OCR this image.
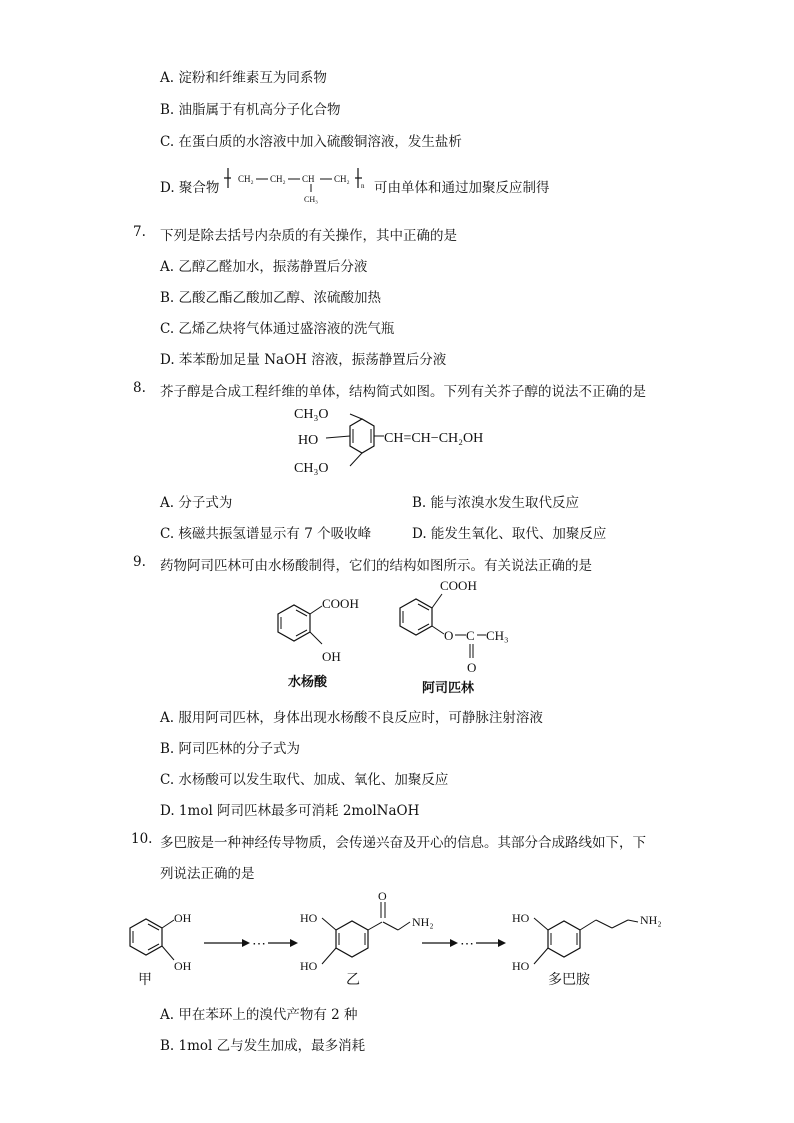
A. 淀粉和纤维素互为同系物
B. 油脂属于有机高分子化合物
C. 在蛋白质的水溶液中加入硫酸铜溶液，发生盐析
D. 聚合物
CH₂ CH₂ CH CH₂
CH₃
n 可由单体和通过加聚反应制得
7. 下列是除去括号内杂质的有关操作，其中正确的是
A. 乙醇乙醛加水，振荡静置后分液
B. 乙酸乙酯乙酸加乙醇、浓硫酸加热
C. 乙烯乙炔将气体通过盛溶液的洗气瓶
D. 苯苯酚加足量 NaOH 溶液，振荡静置后分液
8. 芥子醇是合成工程纤维的单体，结构简式如图。下列有关芥子醇的说法不正确的是
CH₃O
HO
CH₃O
CH=CH−CH₂OH
A. 分子式为	B. 能与浓溴水发生取代反应
C. 核磁共振氢谱显示有 7 个吸收峰	D. 能发生氧化、取代、加聚反应
9. 药物阿司匹林可由水杨酸制得，它们的结构如图所示。有关说法正确的是
COOH
OH
水杨酸
COOH
O C CH₃
O
阿司匹林
A. 服用阿司匹林，身体出现水杨酸不良反应时，可静脉注射溶液
B. 阿司匹林的分子式为
C. 水杨酸可以发生取代、加成、氧化、加聚反应
D. 1mol 阿司匹林最多可消耗 2molNaOH
10. 多巴胺是一种神经传导物质，会传递兴奋及开心的信息。其部分合成路线如下，下
列说法正确的是
OH
OH
甲
⋯
HO
HO
O
NH₂
乙
⋯
HO
HO
NH₂
多巴胺
A. 甲在苯环上的溴代产物有 2 种
B. 1mol 乙与发生加成，最多消耗
